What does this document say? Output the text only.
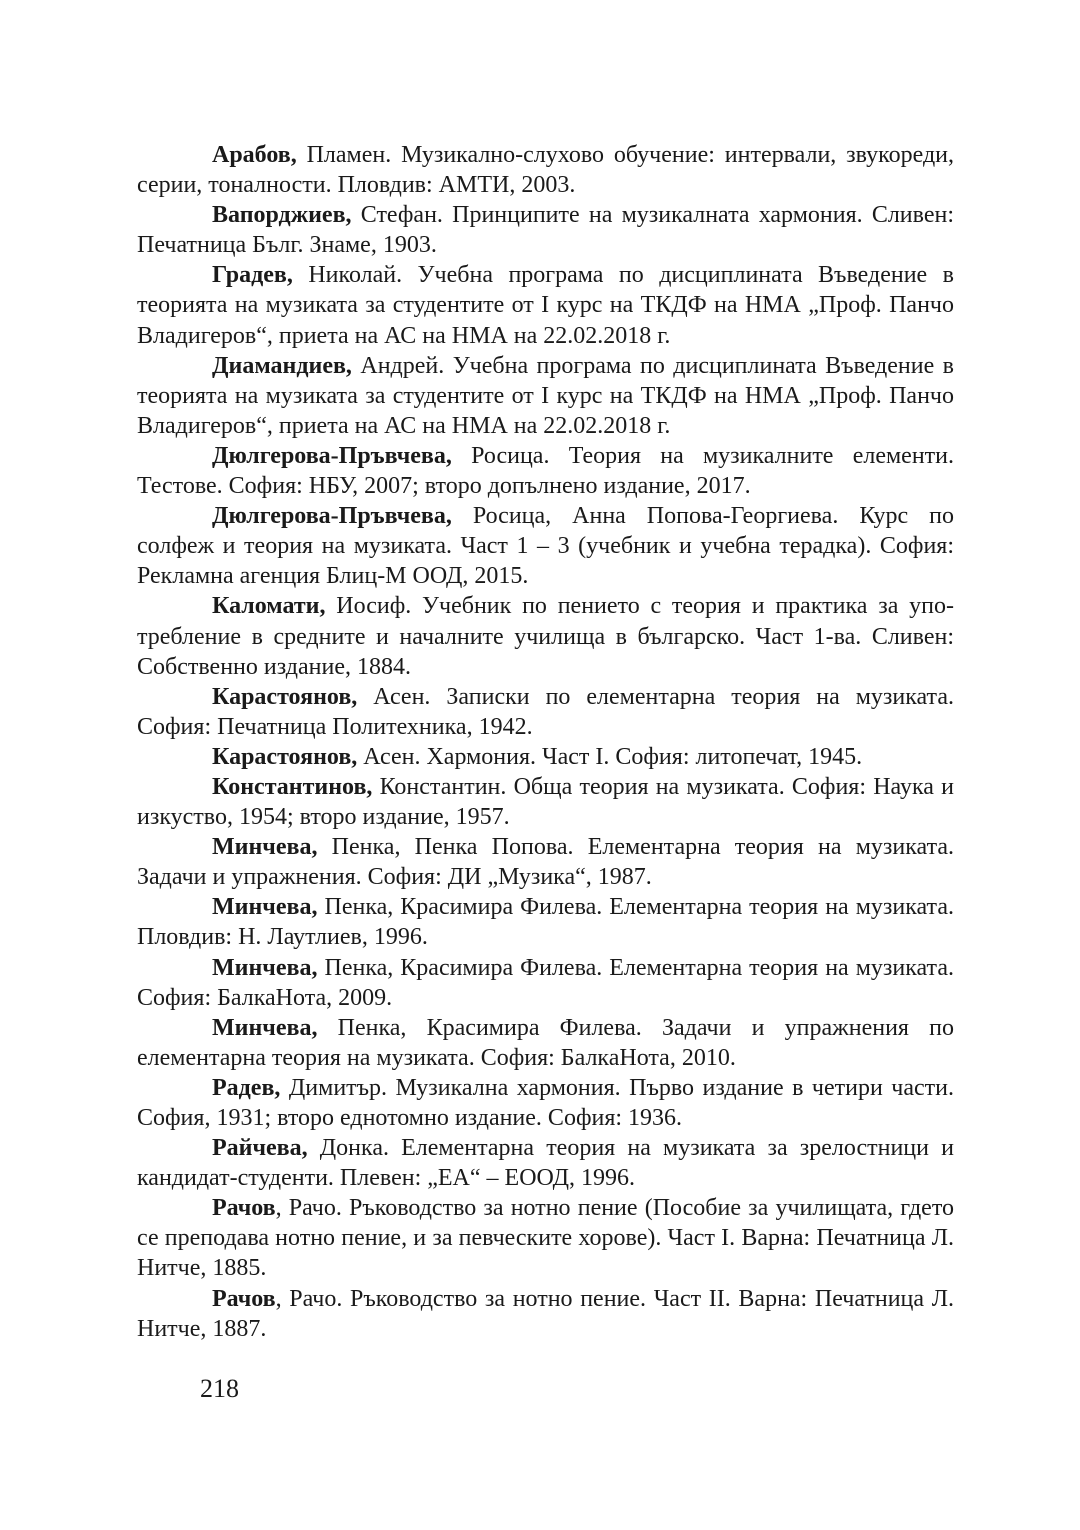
Арабов, Пламен. Музикално-слухово обучение: интервали, звукореди, серии, тоналности. Пловдив: АМТИ, 2003.

Вапорджиев, Стефан. Принципите на музикалната хармония. Сливен: Печатница Бълг. Знаме, 1903.

Градев, Николай. Учебна програма по дисциплината Въведение в теорията на музиката за студентите от I курс на ТКДФ на НМА „Проф. Панчо Владигеров“, приета на АС на НМА на 22.02.2018 г.

Диамандиев, Андрей. Учебна програма по дисциплината Въведение в теорията на музиката за студентите от I курс на ТКДФ на НМА „Проф. Панчо Владигеров“, приета на АС на НМА на 22.02.2018 г.

Дюлгерова-Пръвчева, Росица. Теория на музикалните елементи. Тестове. София: НБУ, 2007; второ допълнено издание, 2017.

Дюлгерова-Пръвчева, Росица, Анна Попова-Георгиева. Курс по солфеж и теория на музиката. Част 1 – 3 (учебник и учебна терадка). София: Рекламна агенция Блиц-М ООД, 2015.

Каломати, Иосиф. Учебник по пението с теория и практика за употребление в средните и началните училища в българско. Част 1-ва. Сливен: Собственно издание, 1884.

Карастоянов, Асен. Записки по елементарна теория на музиката. София: Печатница Политехника, 1942.

Карастоянов, Асен. Хармония. Част I. София: литопечат, 1945.

Константинов, Константин. Обща теория на музиката. София: Наука и изкуство, 1954; второ издание, 1957.

Минчева, Пенка, Пенка Попова. Елементарна теория на музиката. Задачи и упражнения. София: ДИ „Музика“, 1987.

Минчева, Пенка, Красимира Филева. Елементарна теория на музиката. Пловдив: Н. Лаутлиев, 1996.

Минчева, Пенка, Красимира Филева. Елементарна теория на музиката. София: БалкаНота, 2009.

Минчева, Пенка, Красимира Филева. Задачи и упражнения по елементарна теория на музиката. София: БалкаНота, 2010.

Радев, Димитър. Музикална хармония. Първо издание в четири части. София, 1931; второ еднотомно издание. София: 1936.

Райчева, Донка. Елементарна теория на музиката за зрелостници и кандидат-студенти. Плевен: „ЕА“ – ЕООД, 1996.

Рачов, Рачо. Ръководство за нотно пение (Пособие за училищата, гдето се преподава нотно пение, и за певческите хорове). Част I. Варна: Печатница Л. Нитче, 1885.

Рачов, Рачо. Ръководство за нотно пение. Част II. Варна: Печатница Л. Нитче, 1887.

218
